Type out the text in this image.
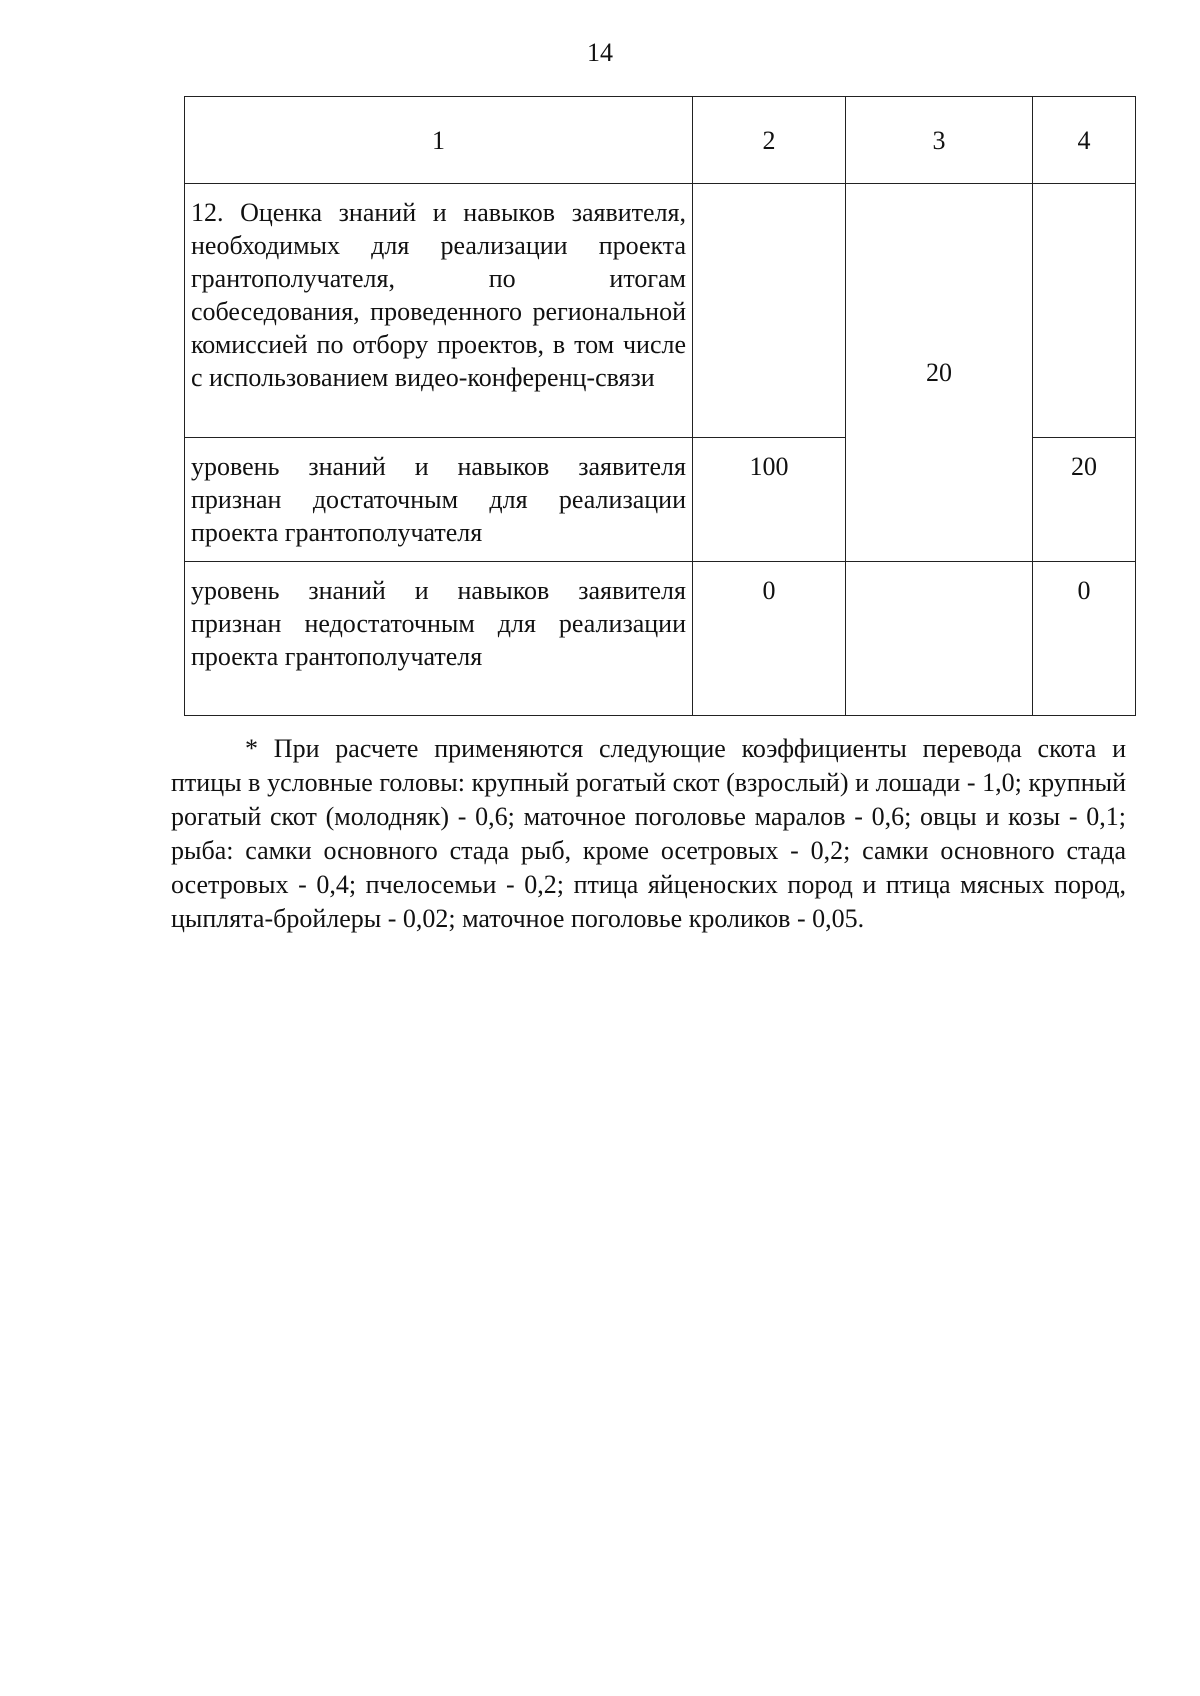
14
1	2	3	4
12. Оценка знаний и навыков заявителя, необходимых для реализации проекта грантополучателя, по итогам собеседования, проведенного региональной комиссией по отбору проектов, в том числе с использованием видео-конференц-связи		20	
уровень знаний и навыков заявителя признан достаточным для реализации проекта грантополучателя	100		20
уровень знаний и навыков заявителя признан недостаточным для реализации проекта грантополучателя	0		0

* При расчете применяются следующие коэффициенты перевода скота и птицы в условные головы: крупный рогатый скот (взрослый) и лошади - 1,0; крупный рогатый скот (молодняк) - 0,6; маточное поголовье маралов - 0,6; овцы и козы - 0,1; рыба: самки основного стада рыб, кроме осетровых - 0,2; самки основного стада осетровых - 0,4; пчелосемьи - 0,2; птица яйценоских пород и птица мясных пород, цыплята-бройлеры - 0,02; маточное поголовье кроликов - 0,05.
